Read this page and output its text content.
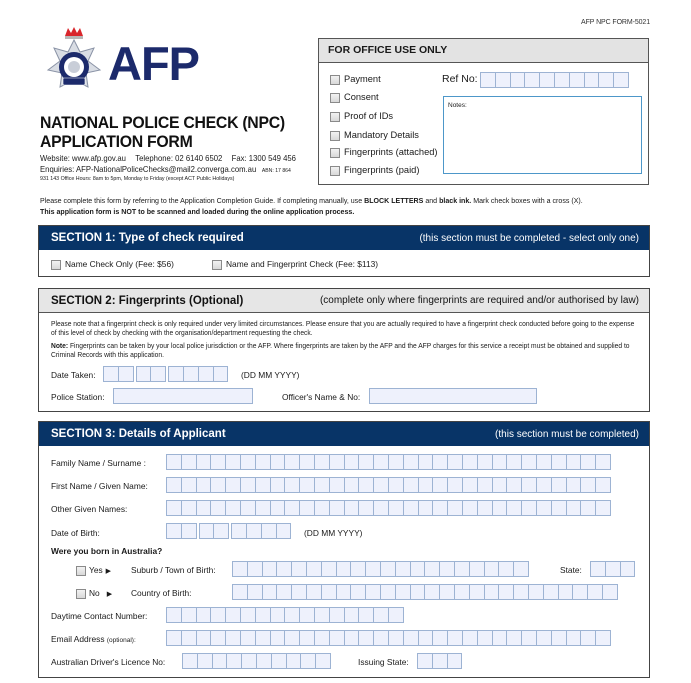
AFP NPC FORM-5021
AFP
NATIONAL POLICE CHECK (NPC)
APPLICATION FORM
Website: www.afp.gov.au Telephone: 02 6140 6502 Fax: 1300 549 456
Enquiries: AFP-NationalPoliceChecks@mail2.converga.com.au ABN: 17 864
931 143 Office Hours: 8am to 5pm, Monday to Friday (except ACT Public Holidays)
FOR OFFICE USE ONLY
Payment
Consent
Proof of IDs
Mandatory Details
Fingerprints (attached)
Fingerprints (paid)
Ref No:
Notes:
Please complete this form by referring to the Application Completion Guide. If completing manually, use BLOCK LETTERS and black ink. Mark check boxes with a cross (X).
This application form is NOT to be scanned and loaded during the online application process.
SECTION 1: Type of check required	(this section must be completed - select only one)
Name Check Only (Fee: $56)	Name and Fingerprint Check (Fee: $113)
SECTION 2: Fingerprints (Optional)	(complete only where fingerprints are required and/or authorised by law)
Please note that a fingerprint check is only required under very limited circumstances. Please ensure that you are actually required to have a fingerprint check conducted before going to the expense of this level of check by checking with the organisation/department requesting the check.
Note: Fingerprints can be taken by your local police jurisdiction or the AFP. Where fingerprints are taken by the AFP and the AFP charges for this service a receipt must be obtained and supplied to Criminal Records with this application.
Date Taken:	(DD MM YYYY)
Police Station:	Officer's Name & No:
SECTION 3: Details of Applicant	(this section must be completed)
Family Name / Surname :
First Name / Given Name:
Other Given Names:
Date of Birth:	(DD MM YYYY)
Were you born in Australia?
Yes ▶ Suburb / Town of Birth:	State:
No ▶ Country of Birth:
Daytime Contact Number:
Email Address (optional):
Australian Driver's Licence No:	Issuing State:
